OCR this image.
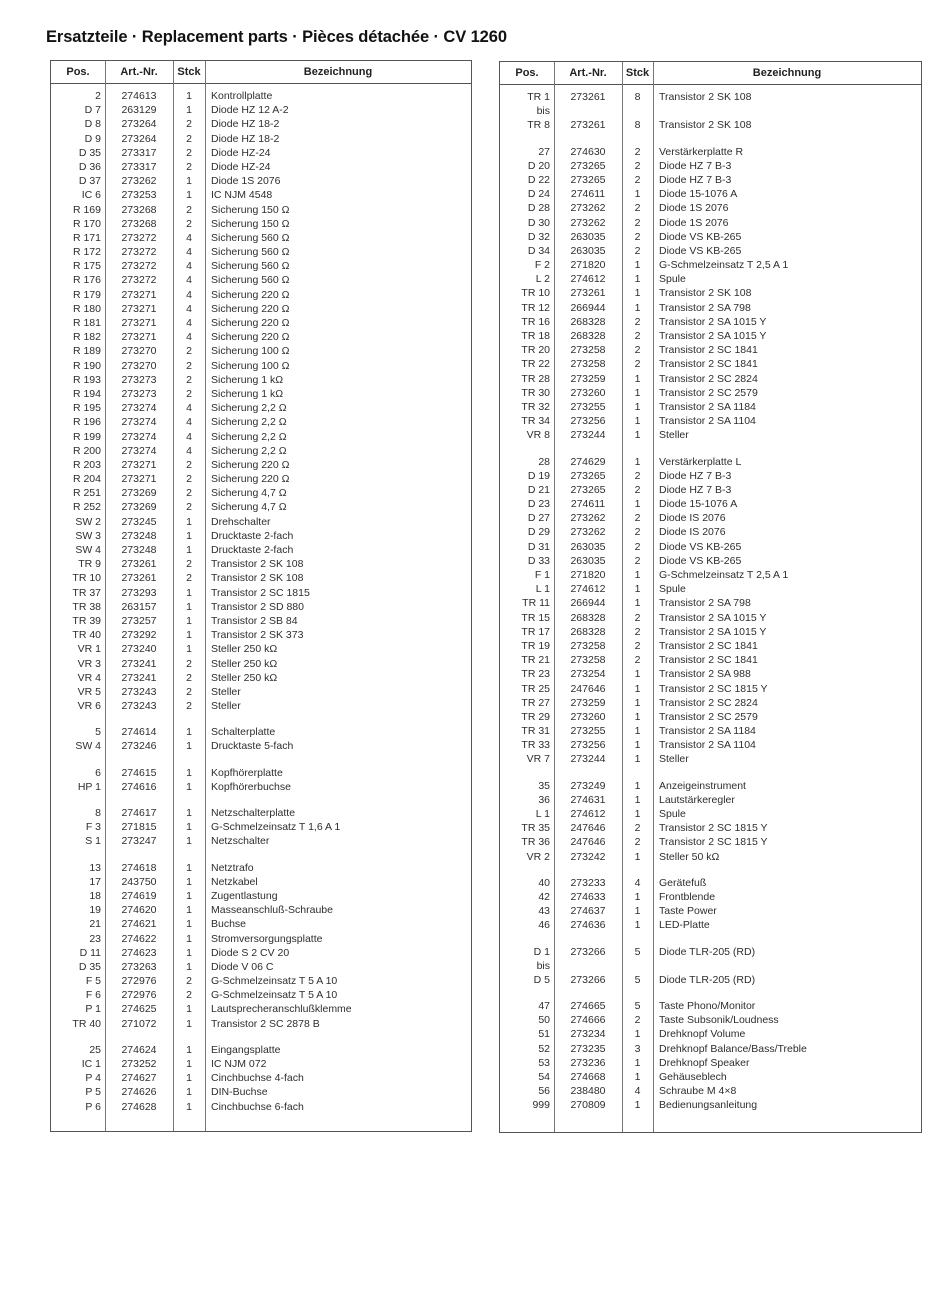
Ersatzteile · Replacement parts · Pièces détachée · CV 1260
Pos.	Art.-Nr.	Stck	Bezeichnung
2	274613	1	Kontrollplatte
D 7	263129	1	Diode HZ 12 A-2
D 8	273264	2	Diode HZ 18-2
D 9	273264	2	Diode HZ 18-2
D 35	273317	2	Diode HZ-24
D 36	273317	2	Diode HZ-24
D 37	273262	1	Diode 1S 2076
IC 6	273253	1	IC NJM 4548
R 169	273268	2	Sicherung 150 Ω
R 170	273268	2	Sicherung 150 Ω
R 171	273272	4	Sicherung 560 Ω
R 172	273272	4	Sicherung 560 Ω
R 175	273272	4	Sicherung 560 Ω
R 176	273272	4	Sicherung 560 Ω
R 179	273271	4	Sicherung 220 Ω
R 180	273271	4	Sicherung 220 Ω
R 181	273271	4	Sicherung 220 Ω
R 182	273271	4	Sicherung 220 Ω
R 189	273270	2	Sicherung 100 Ω
R 190	273270	2	Sicherung 100 Ω
R 193	273273	2	Sicherung 1 kΩ
R 194	273273	2	Sicherung 1 kΩ
R 195	273274	4	Sicherung 2,2 Ω
R 196	273274	4	Sicherung 2,2 Ω
R 199	273274	4	Sicherung 2,2 Ω
R 200	273274	4	Sicherung 2,2 Ω
R 203	273271	2	Sicherung 220 Ω
R 204	273271	2	Sicherung 220 Ω
R 251	273269	2	Sicherung 4,7 Ω
R 252	273269	2	Sicherung 4,7 Ω
SW 2	273245	1	Drehschalter
SW 3	273248	1	Drucktaste 2-fach
SW 4	273248	1	Drucktaste 2-fach
TR 9	273261	2	Transistor 2 SK 108
TR 10	273261	2	Transistor 2 SK 108
TR 37	273293	1	Transistor 2 SC 1815
TR 38	263157	1	Transistor 2 SD 880
TR 39	273257	1	Transistor 2 SB 84
TR 40	273292	1	Transistor 2 SK 373
VR 1	273240	1	Steller 250 kΩ
VR 3	273241	2	Steller 250 kΩ
VR 4	273241	2	Steller 250 kΩ
VR 5	273243	2	Steller
VR 6	273243	2	Steller
5	274614	1	Schalterplatte
SW 4	273246	1	Drucktaste 5-fach
6	274615	1	Kopfhörerplatte
HP 1	274616	1	Kopfhörerbuchse
8	274617	1	Netzschalterplatte
F 3	271815	1	G-Schmelzeinsatz T 1,6 A 1
S 1	273247	1	Netzschalter
13	274618	1	Netztrafo
17	243750	1	Netzkabel
18	274619	1	Zugentlastung
19	274620	1	Masseanschluß-Schraube
21	274621	1	Buchse
23	274622	1	Stromversorgungsplatte
D 11	274623	1	Diode S 2 CV 20
D 35	273263	1	Diode V 06 C
F 5	272976	2	G-Schmelzeinsatz T 5 A 10
F 6	272976	2	G-Schmelzeinsatz T 5 A 10
P 1	274625	1	Lautsprecheranschlußklemme
TR 40	271072	1	Transistor 2 SC 2878 B
25	274624	1	Eingangsplatte
IC 1	273252	1	IC NJM 072
P 4	274627	1	Cinchbuchse 4-fach
P 5	274626	1	DIN-Buchse
P 6	274628	1	Cinchbuchse 6-fach
Pos.	Art.-Nr.	Stck	Bezeichnung
TR 1	273261	8	Transistor 2 SK 108
bis
TR 8	273261	8	Transistor 2 SK 108
27	274630	2	Verstärkerplatte R
D 20	273265	2	Diode HZ 7 B-3
D 22	273265	2	Diode HZ 7 B-3
D 24	274611	1	Diode 15-1076 A
D 28	273262	2	Diode 1S 2076
D 30	273262	2	Diode 1S 2076
D 32	263035	2	Diode VS KB-265
D 34	263035	2	Diode VS KB-265
F 2	271820	1	G-Schmelzeinsatz T 2,5 A 1
L 2	274612	1	Spule
TR 10	273261	1	Transistor 2 SK 108
TR 12	266944	1	Transistor 2 SA 798
TR 16	268328	2	Transistor 2 SA 1015 Y
TR 18	268328	2	Transistor 2 SA 1015 Y
TR 20	273258	2	Transistor 2 SC 1841
TR 22	273258	2	Transistor 2 SC 1841
TR 28	273259	1	Transistor 2 SC 2824
TR 30	273260	1	Transistor 2 SC 2579
TR 32	273255	1	Transistor 2 SA 1184
TR 34	273256	1	Transistor 2 SA 1104
VR 8	273244	1	Steller
28	274629	1	Verstärkerplatte L
D 19	273265	2	Diode HZ 7 B-3
D 21	273265	2	Diode HZ 7 B-3
D 23	274611	1	Diode 15-1076 A
D 27	273262	2	Diode IS 2076
D 29	273262	2	Diode IS 2076
D 31	263035	2	Diode VS KB-265
D 33	263035	2	Diode VS KB-265
F 1	271820	1	G-Schmelzeinsatz T 2,5 A 1
L 1	274612	1	Spule
TR 11	266944	1	Transistor 2 SA 798
TR 15	268328	2	Transistor 2 SA 1015 Y
TR 17	268328	2	Transistor 2 SA 1015 Y
TR 19	273258	2	Transistor 2 SC 1841
TR 21	273258	2	Transistor 2 SC 1841
TR 23	273254	1	Transistor 2 SA 988
TR 25	247646	1	Transistor 2 SC 1815 Y
TR 27	273259	1	Transistor 2 SC 2824
TR 29	273260	1	Transistor 2 SC 2579
TR 31	273255	1	Transistor 2 SA 1184
TR 33	273256	1	Transistor 2 SA 1104
VR 7	273244	1	Steller
35	273249	1	Anzeigeinstrument
36	274631	1	Lautstärkeregler
L 1	274612	1	Spule
TR 35	247646	2	Transistor 2 SC 1815 Y
TR 36	247646	2	Transistor 2 SC 1815 Y
VR 2	273242	1	Steller 50 kΩ
40	273233	4	Gerätefuß
42	274633	1	Frontblende
43	274637	1	Taste Power
46	274636	1	LED-Platte
D 1	273266	5	Diode TLR-205 (RD)
bis
D 5	273266	5	Diode TLR-205 (RD)
47	274665	5	Taste Phono/Monitor
50	274666	2	Taste Subsonik/Loudness
51	273234	1	Drehknopf Volume
52	273235	3	Drehknopf Balance/Bass/Treble
53	273236	1	Drehknopf Speaker
54	274668	1	Gehäuseblech
56	238480	4	Schraube M 4×8
999	270809	1	Bedienungsanleitung
